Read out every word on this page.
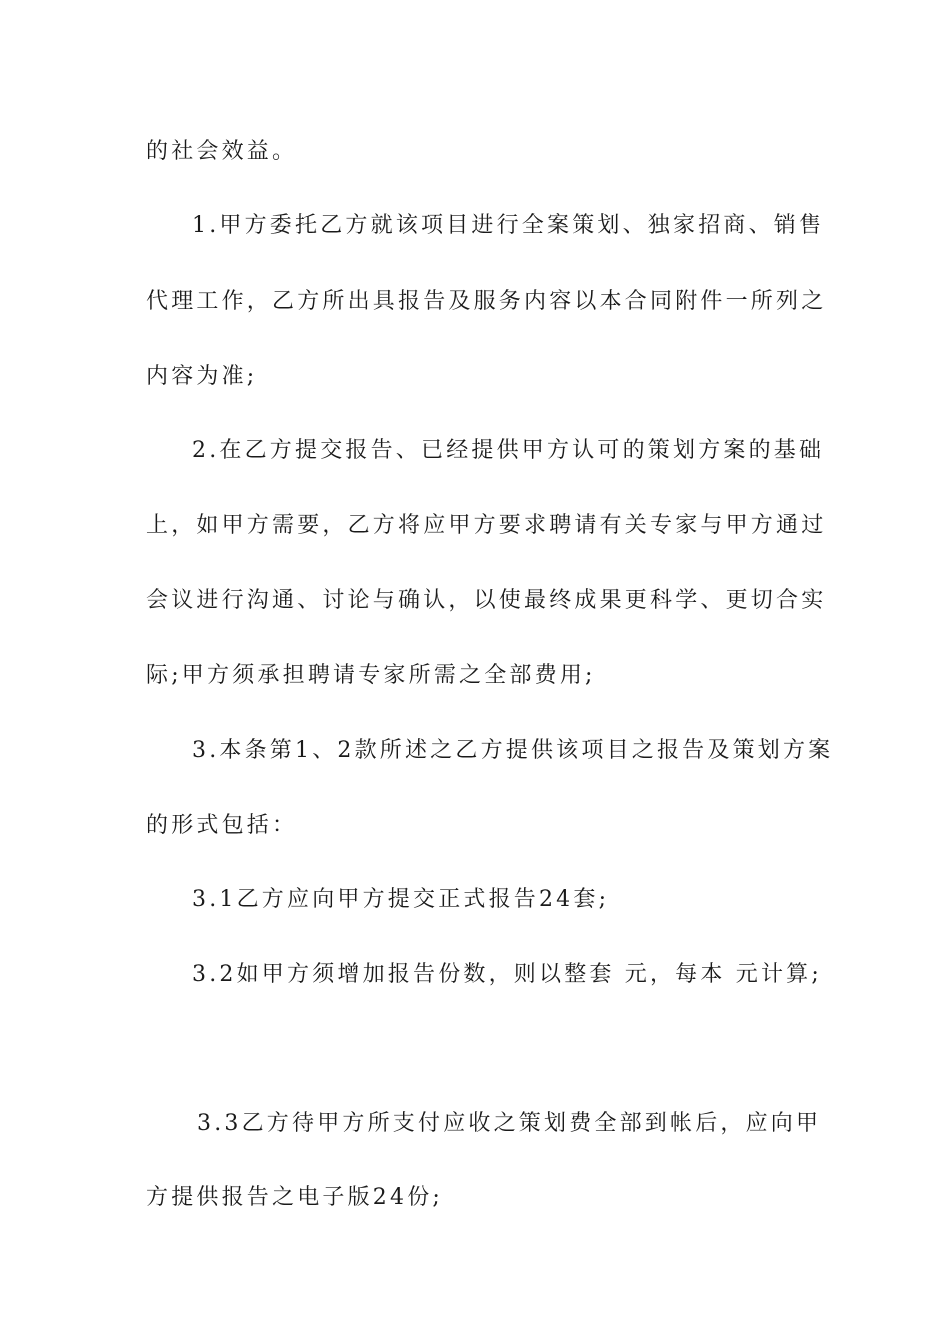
的社会效益。
1.甲方委托乙方就该项目进行全案策划、独家招商、销售
代理工作，乙方所出具报告及服务内容以本合同附件一所列之
内容为准;
2.在乙方提交报告、已经提供甲方认可的策划方案的基础
上，如甲方需要，乙方将应甲方要求聘请有关专家与甲方通过
会议进行沟通、讨论与确认，以使最终成果更科学、更切合实
际;甲方须承担聘请专家所需之全部费用;
3.本条第1、2款所述之乙方提供该项目之报告及策划方案
的形式包括：
3.1乙方应向甲方提交正式报告24套;
3.2如甲方须增加报告份数，则以整套 元，每本 元计算;
3.3乙方待甲方所支付应收之策划费全部到帐后，应向甲
方提供报告之电子版24份;
